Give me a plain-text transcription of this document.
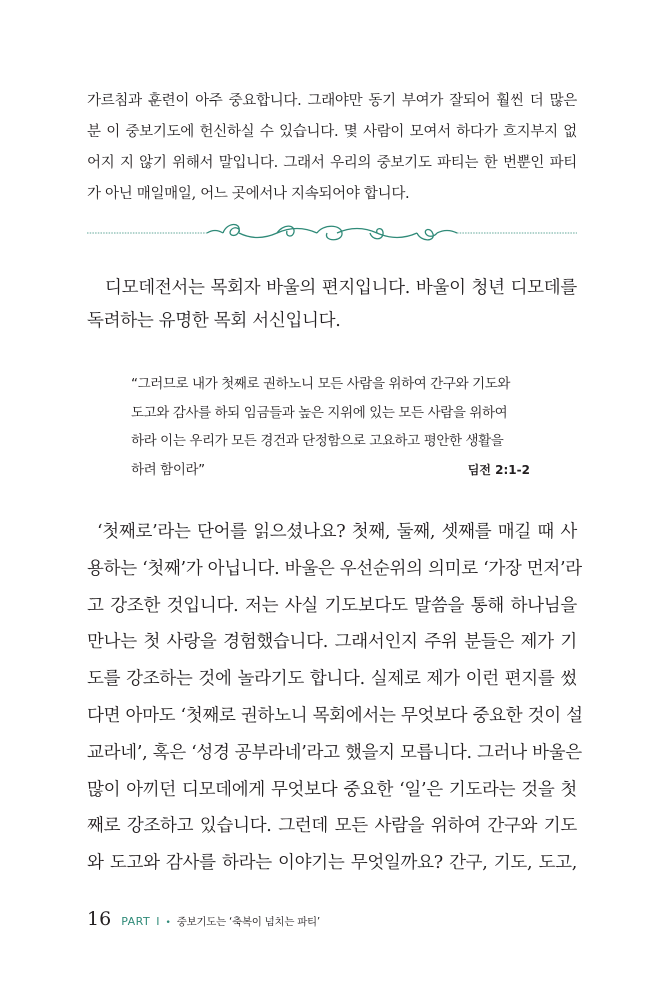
가르침과 훈련이 아주 중요합니다. 그래야만 동기 부여가 잘되어 훨씬 더 많은 분 이 중보기도에 헌신하실 수 있습니다. 몇 사람이 모여서 하다가 흐지부지 없어지 지 않기 위해서 말입니다. 그래서 우리의 중보기도 파티는 한 번뿐인 파티가 아닌 매일매일, 어느 곳에서나 지속되어야 합니다.

디모데전서는 목회자 바울의 편지입니다. 바울이 청년 디모데를 독려하는 유명한 목회 서신입니다.

“그러므로 내가 첫째로 권하노니 모든 사람을 위하여 간구와 기도와
도고와 감사를 하되 임금들과 높은 지위에 있는 모든 사람을 위하여
하라 이는 우리가 모든 경건과 단정함으로 고요하고 평안한 생활을
하려 함이라”	딤전 2:1-2
‘첫째로’라는 단어를 읽으셨나요? 첫째, 둘째, 셋째를 매길 때 사
용하는 ‘첫째’가 아닙니다. 바울은 우선순위의 의미로 ‘가장 먼저’라
고 강조한 것입니다. 저는 사실 기도보다도 말씀을 통해 하나님을
만나는 첫 사랑을 경험했습니다. 그래서인지 주위 분들은 제가 기
도를 강조하는 것에 놀라기도 합니다. 실제로 제가 이런 편지를 썼
다면 아마도 ‘첫째로 권하노니 목회에서는 무엇보다 중요한 것이 설
교라네’, 혹은 ‘성경 공부라네’라고 했을지 모릅니다. 그러나 바울은
많이 아끼던 디모데에게 무엇보다 중요한 ‘일’은 기도라는 것을 첫
째로 강조하고 있습니다. 그런데 모든 사람을 위하여 간구와 기도
와 도고와 감사를 하라는 이야기는 무엇일까요? 간구, 기도, 도고,
16 PART I • 중보기도는 ‘축복이 넘치는 파티’
